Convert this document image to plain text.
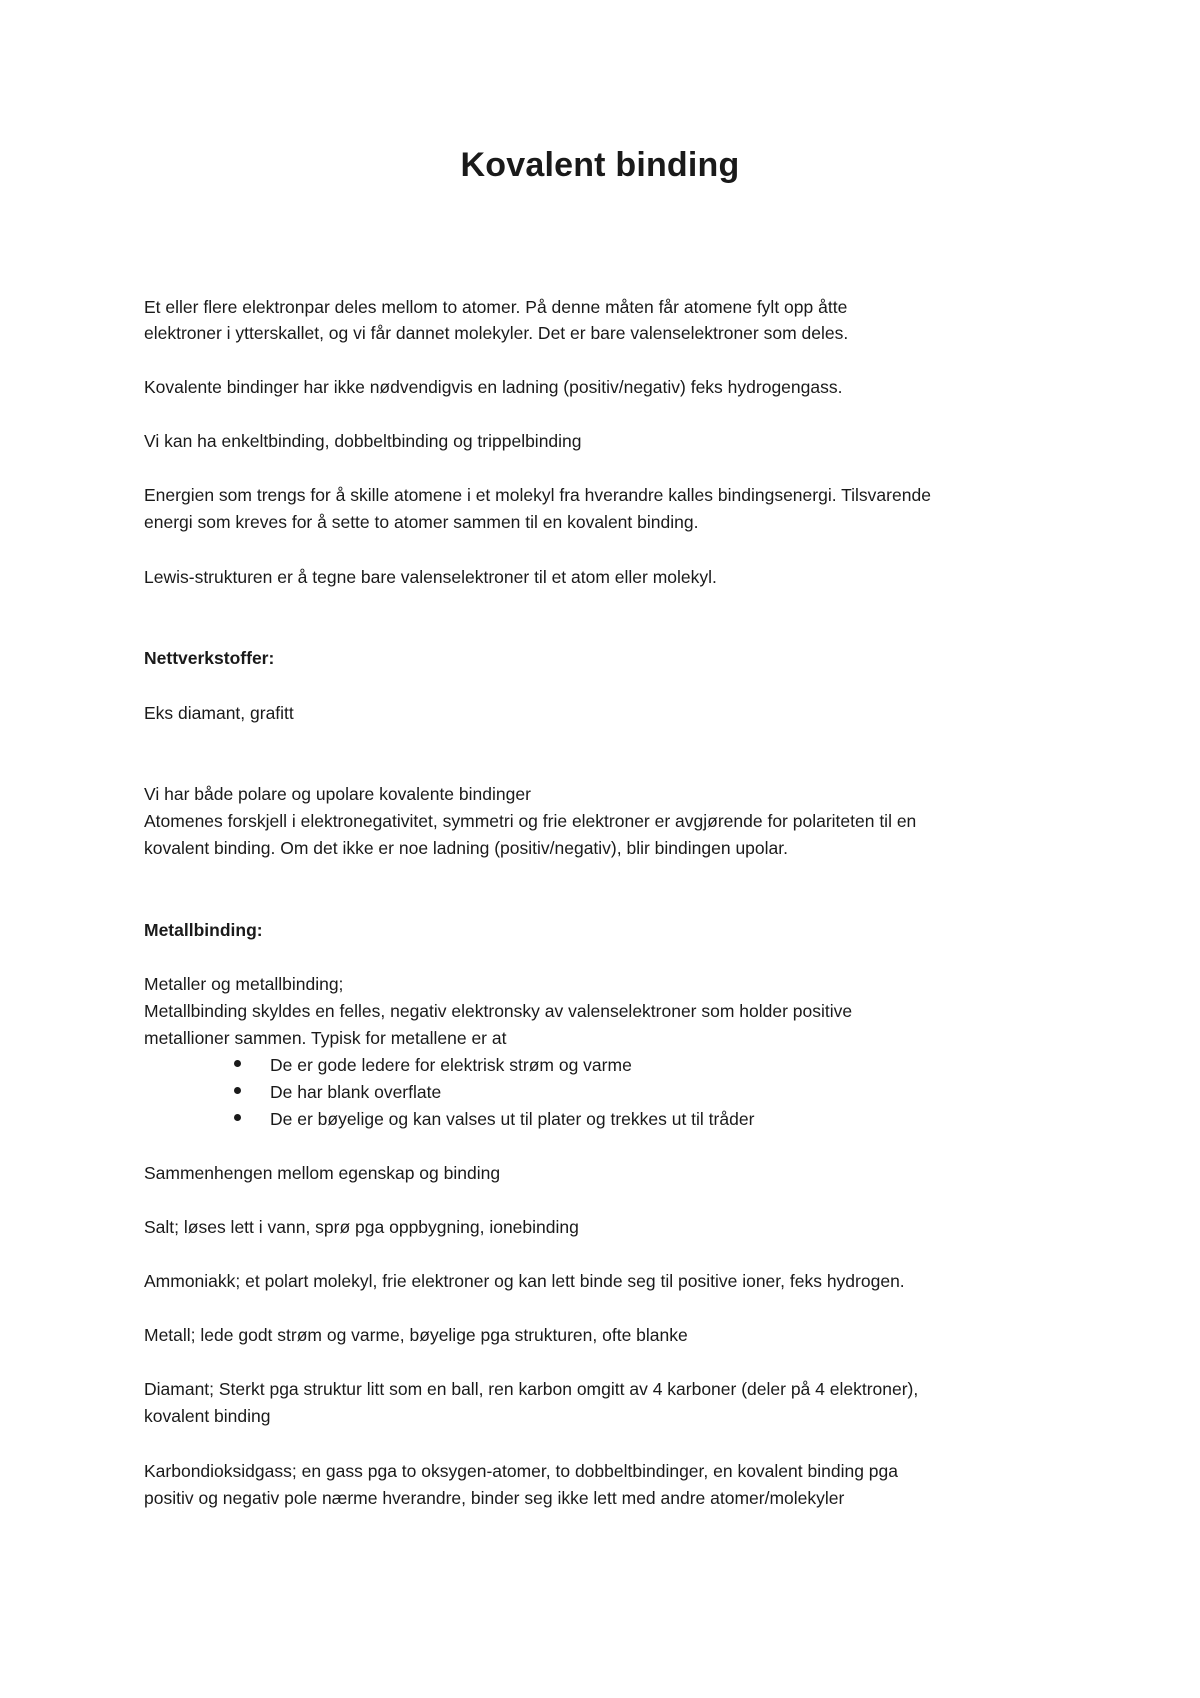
Kovalent binding

Et eller flere elektronpar deles mellom to atomer. På denne måten får atomene fylt opp åtte

elektroner i ytterskallet, og vi får dannet molekyler. Det er bare valenselektroner som deles.

Kovalente bindinger har ikke nødvendigvis en ladning (positiv/negativ) feks hydrogengass.

Vi kan ha enkeltbinding, dobbeltbinding og trippelbinding

Energien som trengs for å skille atomene i et molekyl fra hverandre kalles bindingsenergi. Tilsvarende

energi som kreves for å sette to atomer sammen til en kovalent binding.

Lewis-strukturen er å tegne bare valenselektroner til et atom eller molekyl.

Nettverkstoffer:

Eks diamant, grafitt

Vi har både polare og upolare kovalente bindinger

Atomenes forskjell i elektronegativitet, symmetri og frie elektroner er avgjørende for polariteten til en

kovalent binding. Om det ikke er noe ladning (positiv/negativ), blir bindingen upolar.

Metallbinding:

Metaller og metallbinding;

Metallbinding skyldes en felles, negativ elektronsky av valenselektroner som holder positive

metallioner sammen. Typisk for metallene er at

De er gode ledere for elektrisk strøm og varme

De har blank overflate

De er bøyelige og kan valses ut til plater og trekkes ut til tråder

Sammenhengen mellom egenskap og binding

Salt; løses lett i vann, sprø pga oppbygning, ionebinding

Ammoniakk; et polart molekyl, frie elektroner og kan lett binde seg til positive ioner, feks hydrogen.

Metall; lede godt strøm og varme, bøyelige pga strukturen, ofte blanke

Diamant; Sterkt pga struktur litt som en ball, ren karbon omgitt av 4 karboner (deler på 4 elektroner),

kovalent binding

Karbondioksidgass; en gass pga to oksygen-atomer, to dobbeltbindinger, en kovalent binding pga

positiv og negativ pole nærme hverandre, binder seg ikke lett med andre atomer/molekyler
